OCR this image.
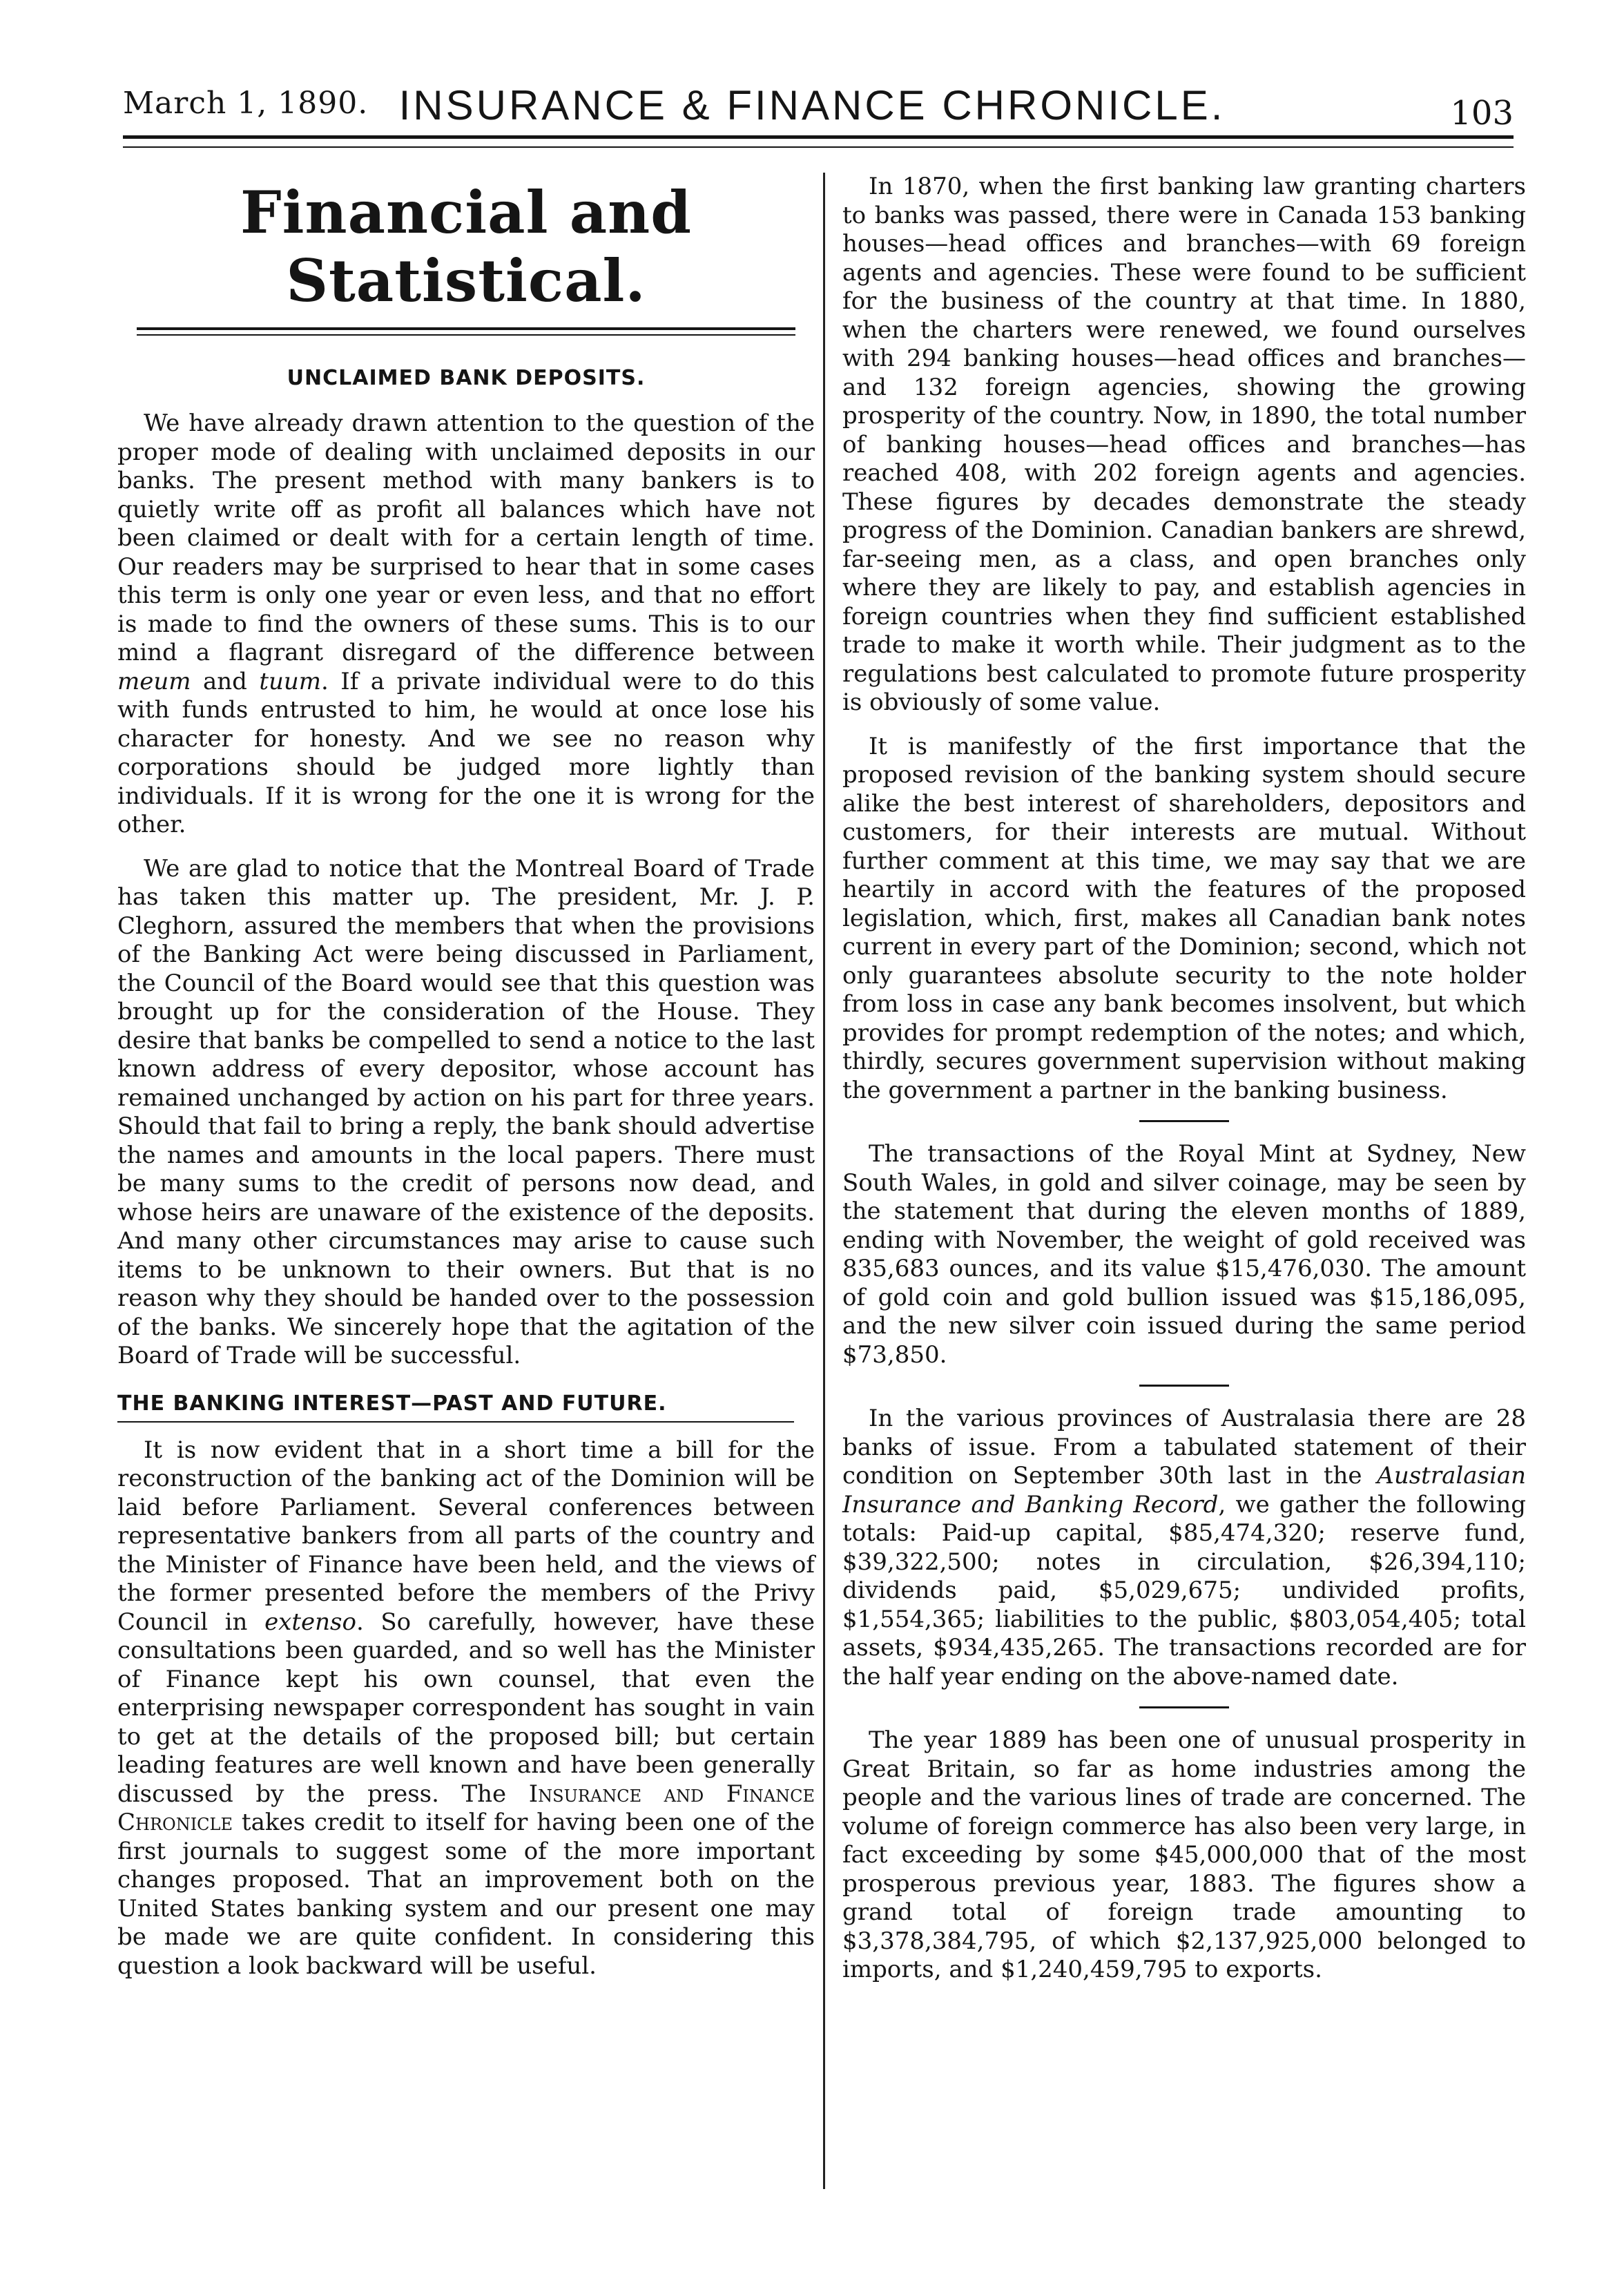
March 1, 1890. INSURANCE & FINANCE CHRONICLE.	103
Financial and Statistical.
UNCLAIMED BANK DEPOSITS.

We have already drawn attention to the question of the proper mode of dealing with unclaimed deposits in our banks. The present method with many bankers is to quietly write off as profit all balances which have not been claimed or dealt with for a certain length of time. Our readers may be surprised to hear that in some cases this term is only one year or even less, and that no effort is made to find the owners of these sums. This is to our mind a flagrant disregard of the difference between meum and tuum. If a private individual were to do this with funds entrusted to him, he would at once lose his character for honesty. And we see no reason why corporations should be judged more lightly than individuals. If it is wrong for the one it is wrong for the other.

We are glad to notice that the Montreal Board of Trade has taken this matter up. The president, Mr. J. P. Cleghorn, assured the members that when the provisions of the Banking Act were being discussed in Parliament, the Council of the Board would see that this question was brought up for the consideration of the House. They desire that banks be compelled to send a notice to the last known address of every depositor, whose account has remained unchanged by action on his part for three years. Should that fail to bring a reply, the bank should advertise the names and amounts in the local papers. There must be many sums to the credit of persons now dead, and whose heirs are unaware of the existence of the deposits. And many other circumstances may arise to cause such items to be unknown to their owners. But that is no reason why they should be handed over to the possession of the banks. We sincerely hope that the agitation of the Board of Trade will be successful.

THE BANKING INTEREST—PAST AND FUTURE.

It is now evident that in a short time a bill for the reconstruction of the banking act of the Dominion will be laid before Parliament. Several conferences between representative bankers from all parts of the country and the Minister of Finance have been held, and the views of the former presented before the members of the Privy Council in extenso. So carefully, however, have these consultations been guarded, and so well has the Minister of Finance kept his own counsel, that even the enterprising newspaper correspondent has sought in vain to get at the details of the proposed bill; but certain leading features are well known and have been generally discussed by the press. The Insurance and Finance Chronicle takes credit to itself for having been one of the first journals to suggest some of the more important changes proposed. That an improvement both on the United States banking system and our present one may be made we are quite confident. In considering this question a look backward will be useful.

In 1870, when the first banking law granting charters to banks was passed, there were in Canada 153 banking houses—head offices and branches—with 69 foreign agents and agencies. These were found to be sufficient for the business of the country at that time. In 1880, when the charters were renewed, we found ourselves with 294 banking houses—head offices and branches—and 132 foreign agencies, showing the growing prosperity of the country. Now, in 1890, the total number of banking houses—head offices and branches—has reached 408, with 202 foreign agents and agencies. These figures by decades demonstrate the steady progress of the Dominion. Canadian bankers are shrewd, far-seeing men, as a class, and open branches only where they are likely to pay, and establish agencies in foreign countries when they find sufficient established trade to make it worth while. Their judgment as to the regulations best calculated to promote future prosperity is obviously of some value.

It is manifestly of the first importance that the proposed revision of the banking system should secure alike the best interest of shareholders, depositors and customers, for their interests are mutual. Without further comment at this time, we may say that we are heartily in accord with the features of the proposed legislation, which, first, makes all Canadian bank notes current in every part of the Dominion; second, which not only guarantees absolute security to the note holder from loss in case any bank becomes insolvent, but which provides for prompt redemption of the notes; and which, thirdly, secures government supervision without making the government a partner in the banking business.

The transactions of the Royal Mint at Sydney, New South Wales, in gold and silver coinage, may be seen by the statement that during the eleven months of 1889, ending with November, the weight of gold received was 835,683 ounces, and its value $15,476,030. The amount of gold coin and gold bullion issued was $15,186,095, and the new silver coin issued during the same period $73,850.

In the various provinces of Australasia there are 28 banks of issue. From a tabulated statement of their condition on September 30th last in the Australasian Insurance and Banking Record, we gather the following totals: Paid-up capital, $85,474,320; reserve fund, $39,322,500; notes in circulation, $26,394,110; dividends paid, $5,029,675; undivided profits, $1,554,365; liabilities to the public, $803,054,405; total assets, $934,435,265. The transactions recorded are for the half year ending on the above-named date.

The year 1889 has been one of unusual prosperity in Great Britain, so far as home industries among the people and the various lines of trade are concerned. The volume of foreign commerce has also been very large, in fact exceeding by some $45,000,000 that of the most prosperous previous year, 1883. The figures show a grand total of foreign trade amounting to $3,378,384,795, of which $2,137,925,000 belonged to imports, and $1,240,459,795 to exports.
